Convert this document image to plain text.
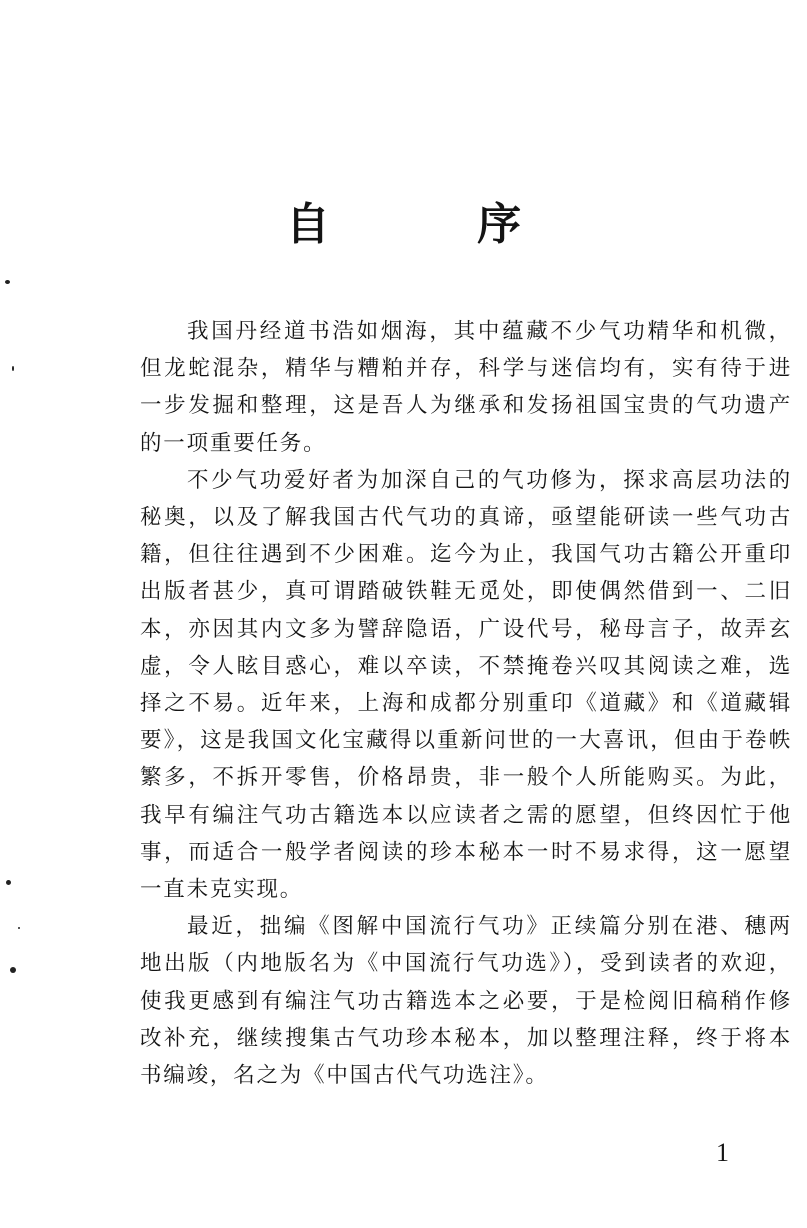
自 序

我国丹经道书浩如烟海，其中蕴藏不少气功精华和机微，但龙蛇混杂，精华与糟粕并存，科学与迷信均有，实有待于进一步发掘和整理，这是吾人为继承和发扬祖国宝贵的气功遗产的一项重要任务。

不少气功爱好者为加深自己的气功修为，探求高层功法的秘奥，以及了解我国古代气功的真谛，亟望能研读一些气功古籍，但往往遇到不少困难。迄今为止，我国气功古籍公开重印出版者甚少，真可谓踏破铁鞋无觅处，即使偶然借到一、二旧本，亦因其内文多为譬辞隐语，广设代号，秘母言子，故弄玄虚，令人眩目惑心，难以卒读，不禁掩卷兴叹其阅读之难，选择之不易。近年来，上海和成都分别重印《道藏》和《道藏辑要》，这是我国文化宝藏得以重新问世的一大喜讯，但由于卷帙繁多，不拆开零售，价格昂贵，非一般个人所能购买。为此，我早有编注气功古籍选本以应读者之需的愿望，但终因忙于他事，而适合一般学者阅读的珍本秘本一时不易求得，这一愿望一直未克实现。

最近，拙编《图解中国流行气功》正续篇分别在港、穗两地出版（内地版名为《中国流行气功选》），受到读者的欢迎，使我更感到有编注气功古籍选本之必要，于是检阅旧稿稍作修改补充，继续搜集古气功珍本秘本，加以整理注释，终于将本书编竣，名之为《中国古代气功选注》。

1
